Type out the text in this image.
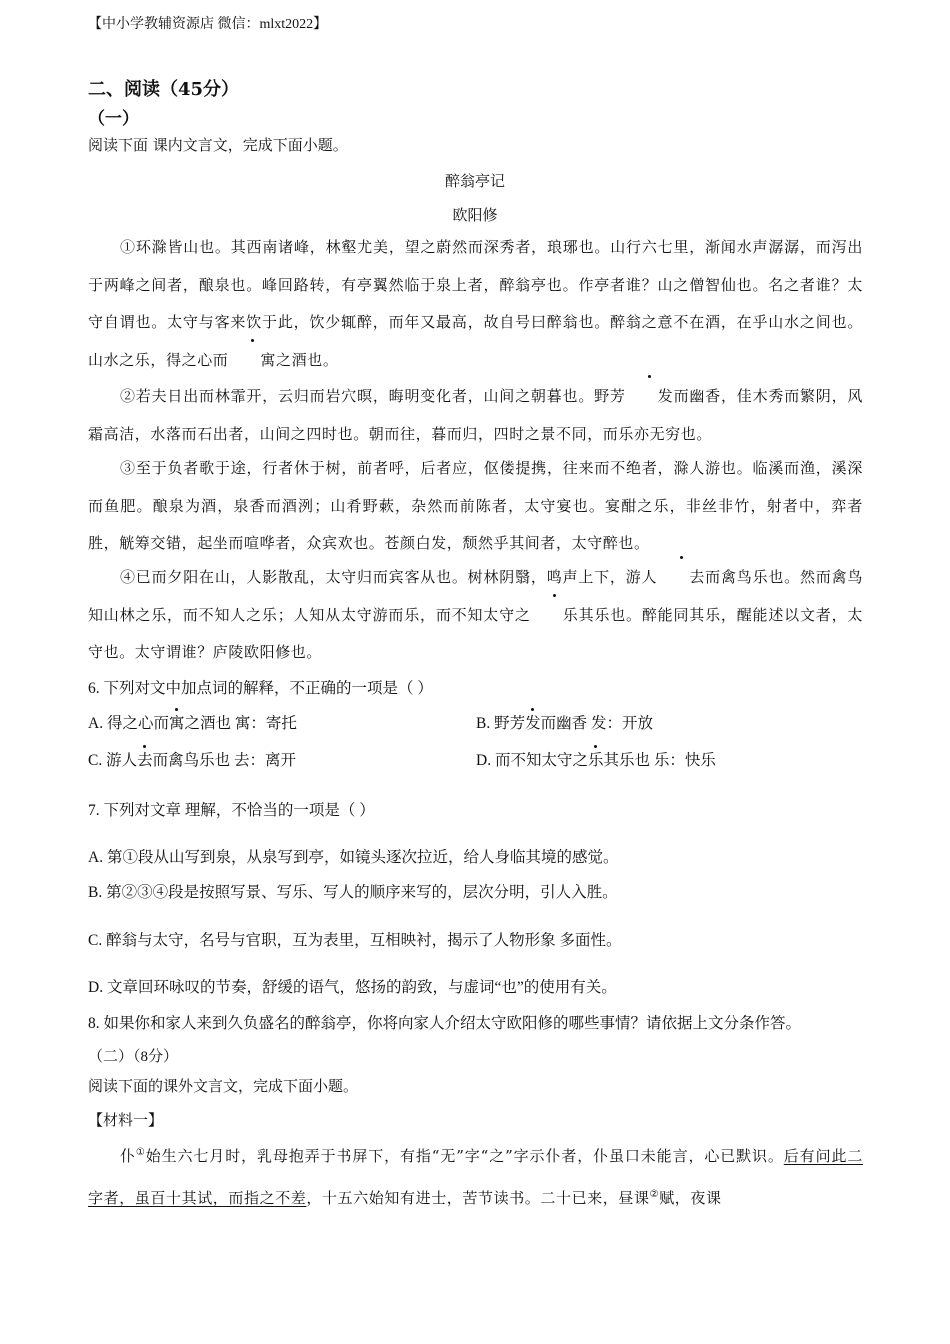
【中小学教辅资源店 微信：mlxt2022】
二、阅读（45分）
（一）
阅读下面 课内文言文，完成下面小题。
醉翁亭记
欧阳修
①环滁皆山也。其西南诸峰，林壑尤美，望之蔚然而深秀者，琅琊也。山行六七里，渐闻水声潺潺，而泻出于两峰之间者，酿泉也。峰回路转，有亭翼然临于泉上者，醉翁亭也。作亭者谁？山之僧智仙也。名之者谁？太守自谓也。太守与客来饮于此，饮少辄醉，而年又最高，故自号曰醉翁也。醉翁之意不在酒，在乎山水之间也。山水之乐，得之心而 寓之酒也。
②若夫日出而林霏开，云归而岩穴暝，晦明变化者，山间之朝暮也。野芳 发而幽香，佳木秀而繁阴，风霜高洁，水落而石出者，山间之四时也。朝而往，暮而归，四时之景不同，而乐亦无穷也。
③至于负者歌于途，行者休于树，前者呼，后者应，伛偻提携，往来而不绝者，滁人游也。临溪而渔，溪深而鱼肥。酿泉为酒，泉香而酒洌；山肴野蔌，杂然而前陈者，太守宴也。宴酣之乐，非丝非竹，射者中，弈者胜，觥筹交错，起坐而喧哗者，众宾欢也。苍颜白发，颓然乎其间者，太守醉也。
④已而夕阳在山，人影散乱，太守归而宾客从也。树林阴翳，鸣声上下，游人 去而禽鸟乐也。然而禽鸟知山林之乐，而不知人之乐；人知从太守游而乐，而不知太守之 乐其乐也。醉能同其乐，醒能述以文者，太守也。太守谓谁？庐陵欧阳修也。
6. 下列对文中加点词的解释，不正确的一项是（ ）
A. 得之心而寓之酒也 寓：寄托	B. 野芳发而幽香 发：开放
C. 游人去而禽鸟乐也 去：离开	D. 而不知太守之乐其乐也 乐：快乐
7. 下列对文章 理解，不恰当的一项是（ ）
A. 第①段从山写到泉，从泉写到亭，如镜头逐次拉近，给人身临其境的感觉。
B. 第②③④段是按照写景、写乐、写人的顺序来写的，层次分明，引人入胜。
C. 醉翁与太守，名号与官职，互为表里，互相映衬，揭示了人物形象 多面性。
D. 文章回环咏叹的节奏，舒缓的语气，悠扬的韵致，与虚词“也”的使用有关。
8. 如果你和家人来到久负盛名的醉翁亭，你将向家人介绍太守欧阳修的哪些事情？请依据上文分条作答。
（二）（8分）
阅读下面的课外文言文，完成下面小题。
【材料一】
仆①始生六七月时，乳母抱弄于书屏下，有指“无”字“之”字示仆者，仆虽口未能言，心已默识。后有问此二字者，虽百十其试，而指之不差，十五六始知有进士，苦节读书。二十已来，昼课②赋，夜课
